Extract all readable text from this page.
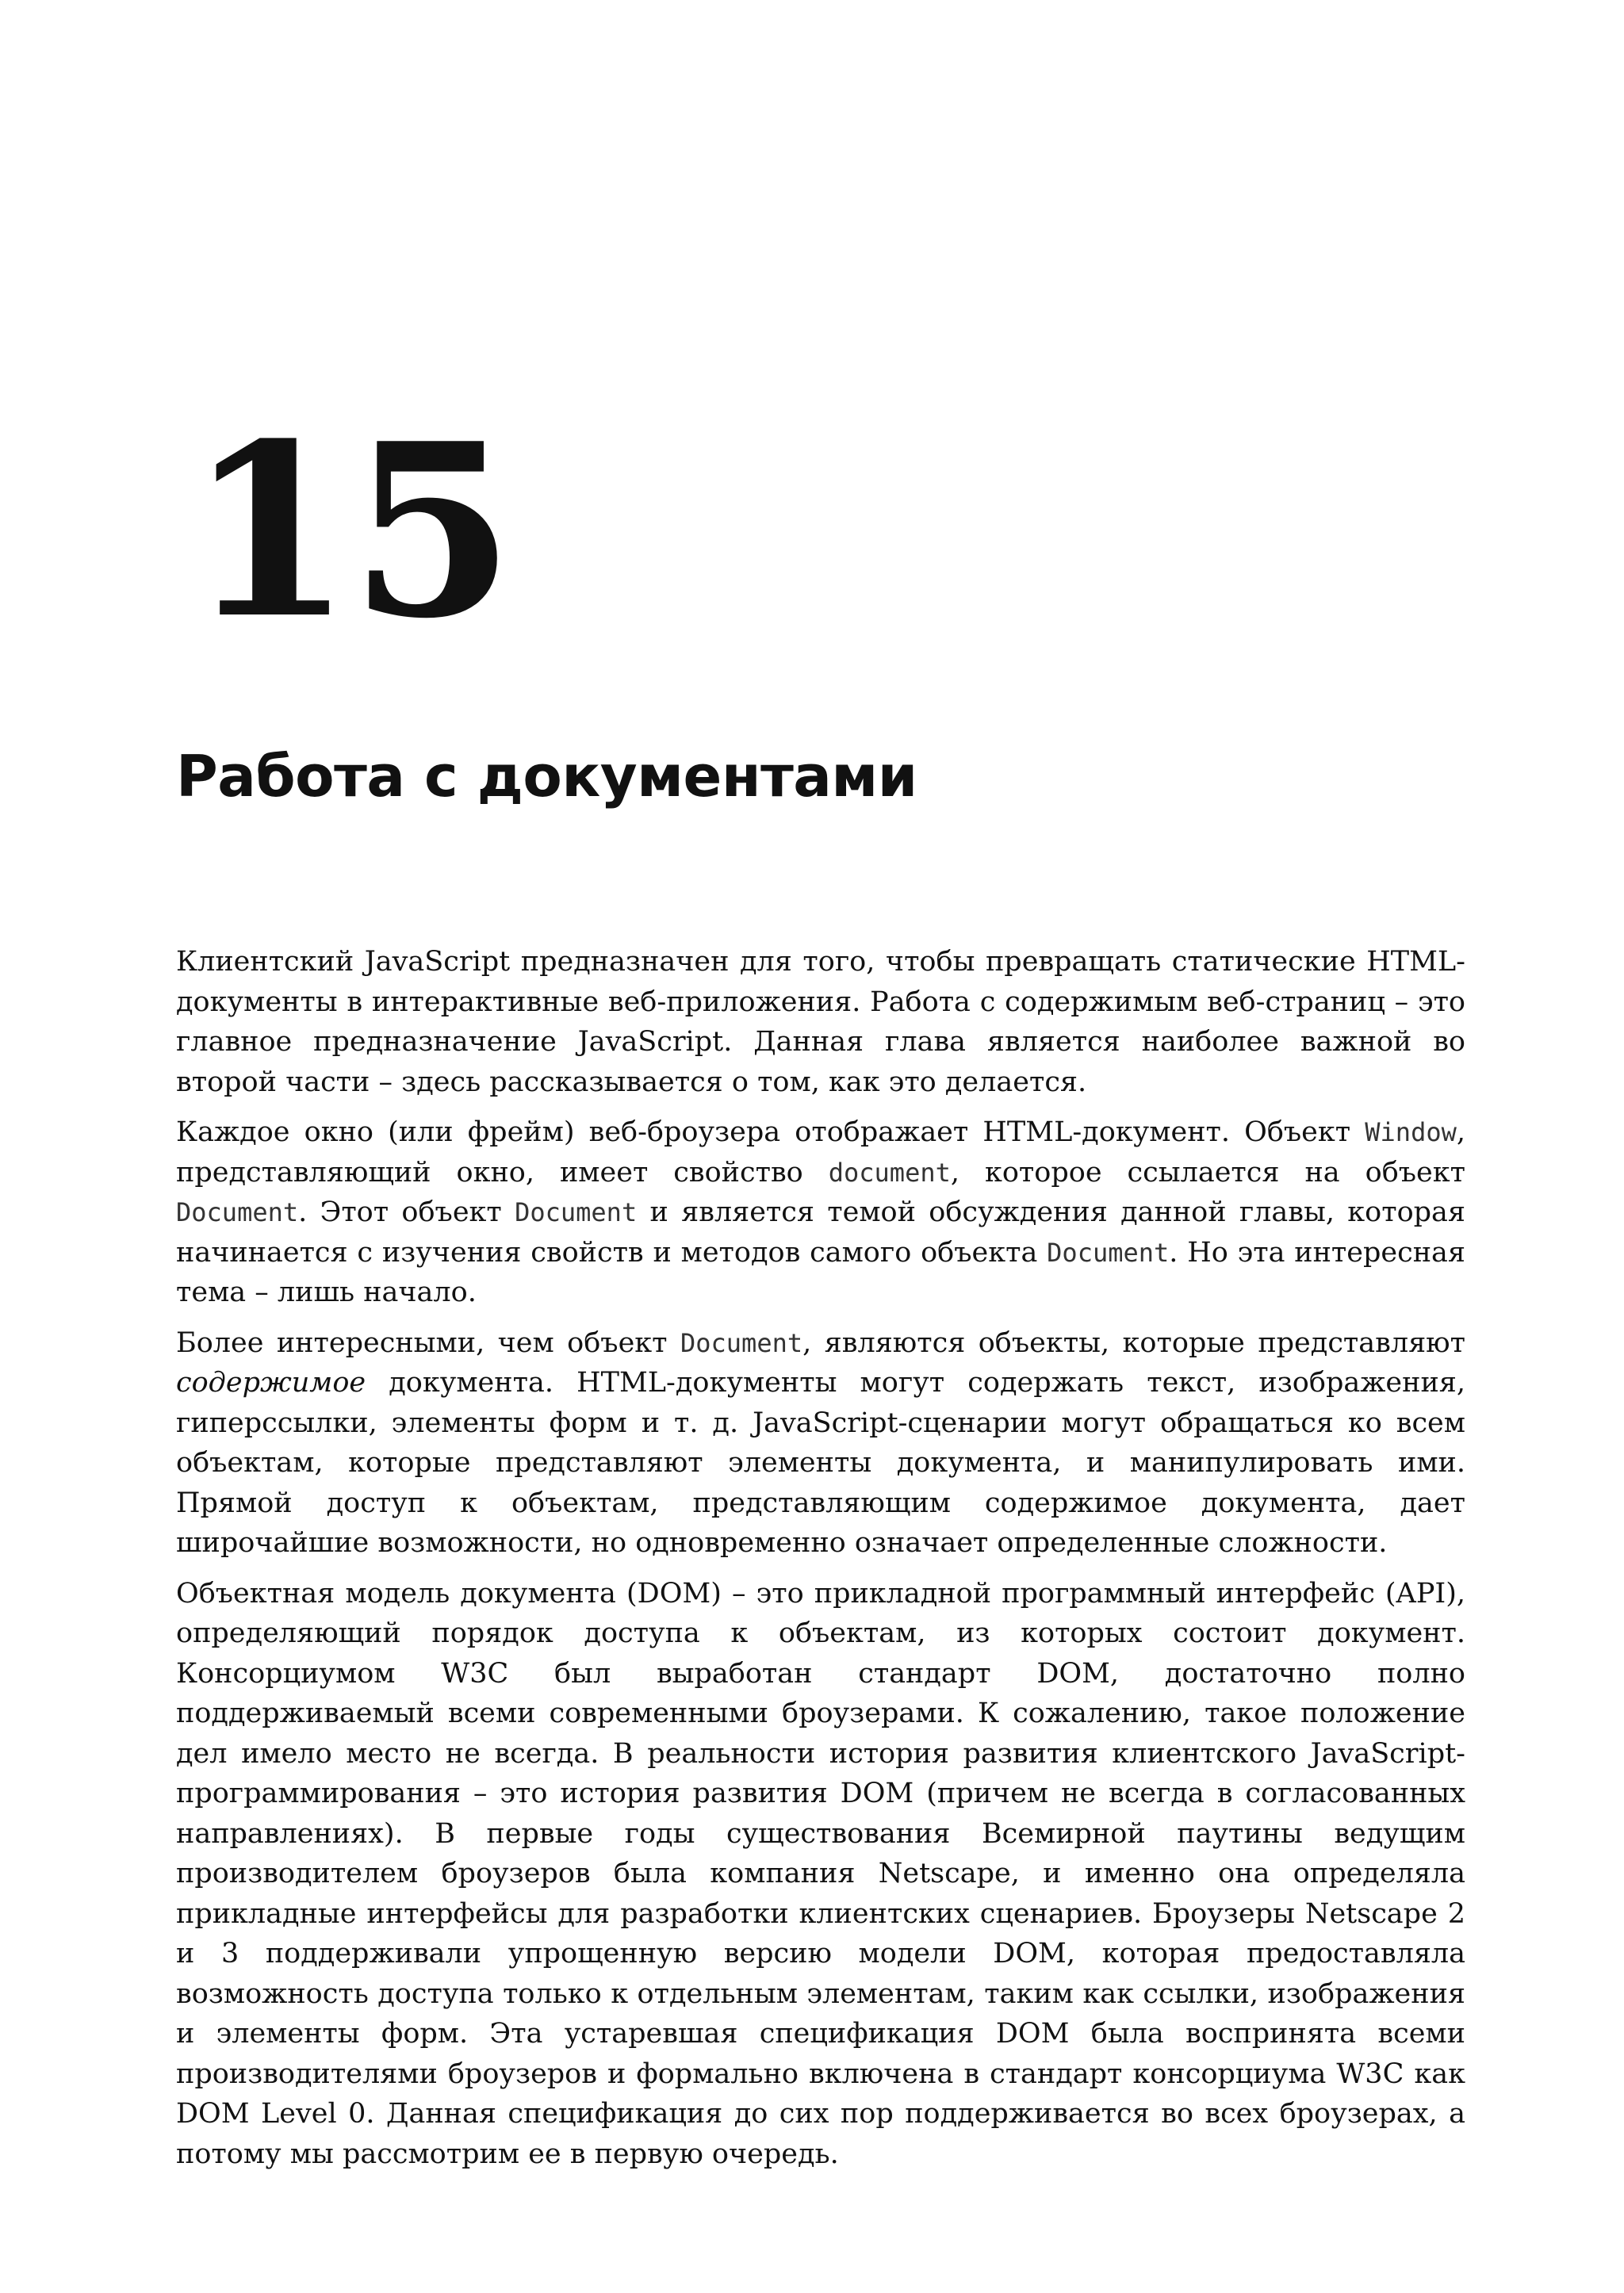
15
Работа с документами

Клиентский JavaScript предназначен для того, чтобы превращать статические HTML-документы в интерактивные веб-приложения. Работа с содержимым веб-страниц – это главное предназначение JavaScript. Данная глава является наиболее важной во второй части – здесь рассказывается о том, как это делается.

Каждое окно (или фрейм) веб-броузера отображает HTML-документ. Объект Window, представляющий окно, имеет свойство document, которое ссылается на объект Document. Этот объект Document и является темой обсуждения данной главы, которая начинается с изучения свойств и методов самого объекта Document. Но эта интересная тема – лишь начало.

Более интересными, чем объект Document, являются объекты, которые представляют содержимое документа. HTML-документы могут содержать текст, изображения, гиперссылки, элементы форм и т. д. JavaScript-сценарии могут обращаться ко всем объектам, которые представляют элементы документа, и манипулировать ими. Прямой доступ к объектам, представляющим содержимое документа, дает широчайшие возможности, но одновременно означает определенные сложности.

Объектная модель документа (DOM) – это прикладной программный интерфейс (API), определяющий порядок доступа к объектам, из которых состоит документ. Консорциумом W3C был выработан стандарт DOM, достаточно полно поддерживаемый всеми современными броузерами. К сожалению, такое положение дел имело место не всегда. В реальности история развития клиентского JavaScript-программирования – это история развития DOM (причем не всегда в согласованных направлениях). В первые годы существования Всемирной паутины ведущим производителем броузеров была компания Netscape, и именно она определяла прикладные интерфейсы для разработки клиентских сценариев. Броузеры Netscape 2 и 3 поддерживали упрощенную версию модели DOM, которая предоставляла возможность доступа только к отдельным элементам, таким как ссылки, изображения и элементы форм. Эта устаревшая спецификация DOM была воспринята всеми производителями броузеров и формально включена в стандарт консорциума W3C как DOM Level 0. Данная спецификация до сих пор поддерживается во всех броузерах, а потому мы рассмотрим ее в первую очередь.
